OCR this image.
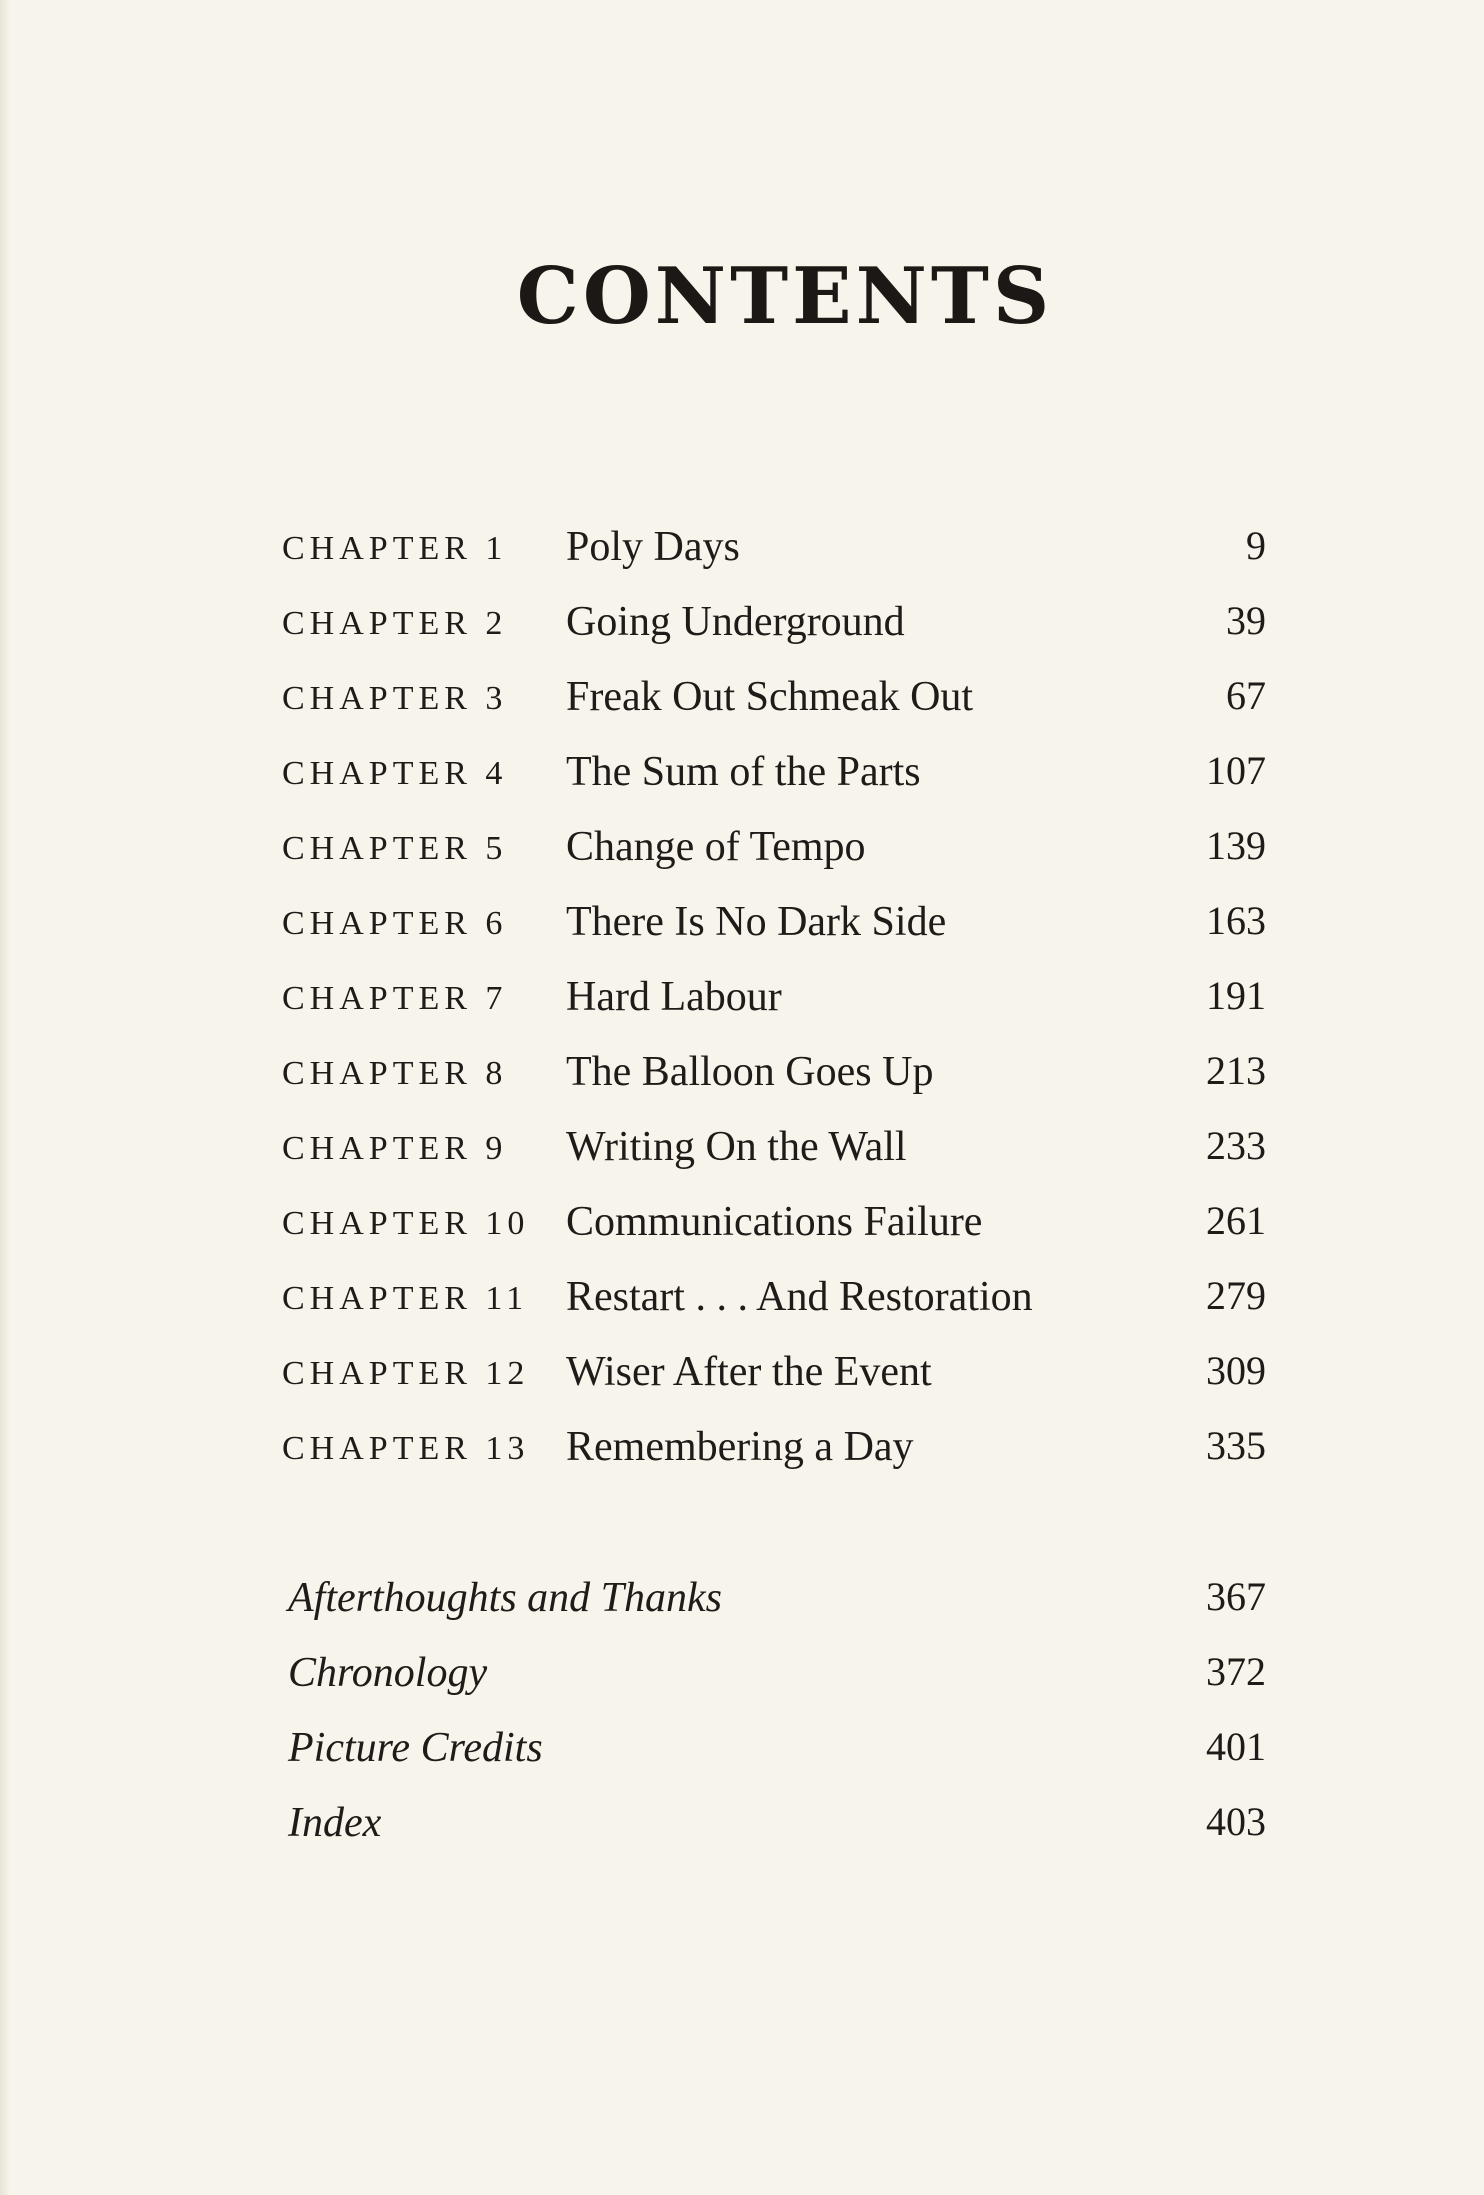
CONTENTS
CHAPTER 1 Poly Days	9
CHAPTER 2 Going Underground	39
CHAPTER 3 Freak Out Schmeak Out	67
CHAPTER 4 The Sum of the Parts	107
CHAPTER 5 Change of Tempo	139
CHAPTER 6 There Is No Dark Side	163
CHAPTER 7 Hard Labour	191
CHAPTER 8 The Balloon Goes Up	213
CHAPTER 9 Writing On the Wall	233
CHAPTER 10 Communications Failure	261
CHAPTER 11 Restart . . . And Restoration	279
CHAPTER 12 Wiser After the Event	309
CHAPTER 13 Remembering a Day	335
Afterthoughts and Thanks	367
Chronology	372
Picture Credits	401
Index	403
